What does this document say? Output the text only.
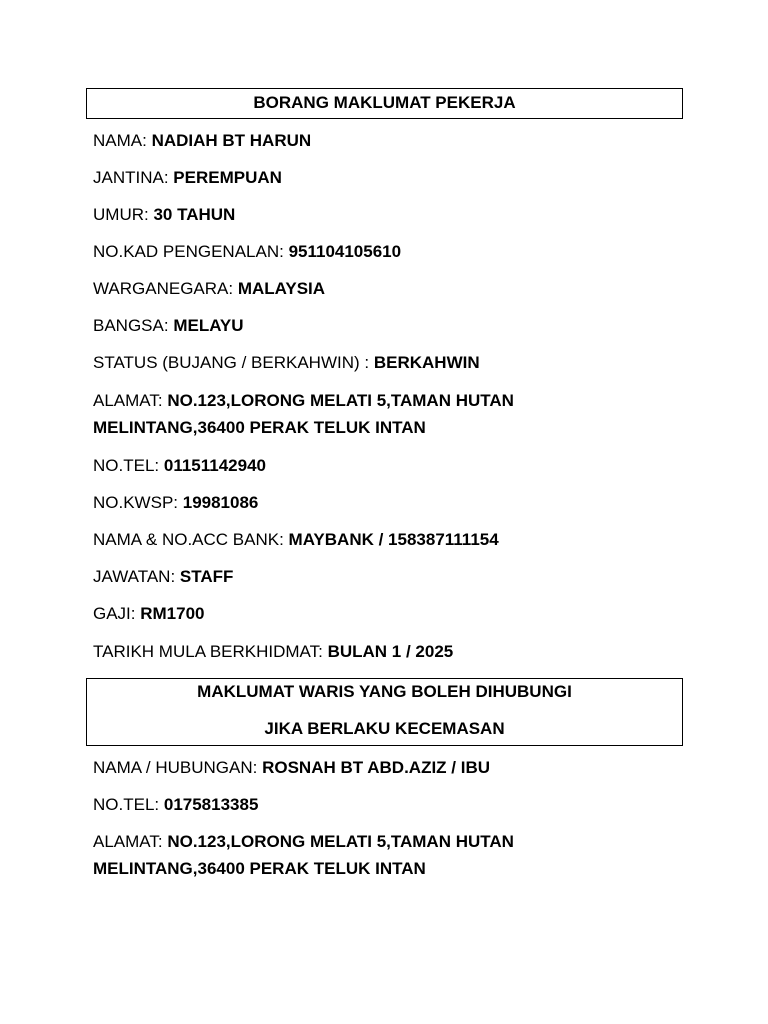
BORANG MAKLUMAT PEKERJA
NAMA: NADIAH BT HARUN
JANTINA: PEREMPUAN
UMUR: 30 TAHUN
NO.KAD PENGENALAN: 951104105610
WARGANEGARA: MALAYSIA
BANGSA: MELAYU
STATUS (BUJANG / BERKAHWIN) : BERKAHWIN
ALAMAT: NO.123,LORONG MELATI 5,TAMAN HUTAN MELINTANG,36400 PERAK TELUK INTAN
NO.TEL: 01151142940
NO.KWSP: 19981086
NAMA & NO.ACC BANK: MAYBANK / 158387111154
JAWATAN: STAFF
GAJI: RM1700
TARIKH MULA BERKHIDMAT: BULAN 1 / 2025
MAKLUMAT WARIS YANG BOLEH DIHUBUNGI
JIKA BERLAKU KECEMASAN
NAMA / HUBUNGAN: ROSNAH BT ABD.AZIZ / IBU
NO.TEL: 0175813385
ALAMAT: NO.123,LORONG MELATI 5,TAMAN HUTAN MELINTANG,36400 PERAK TELUK INTAN
